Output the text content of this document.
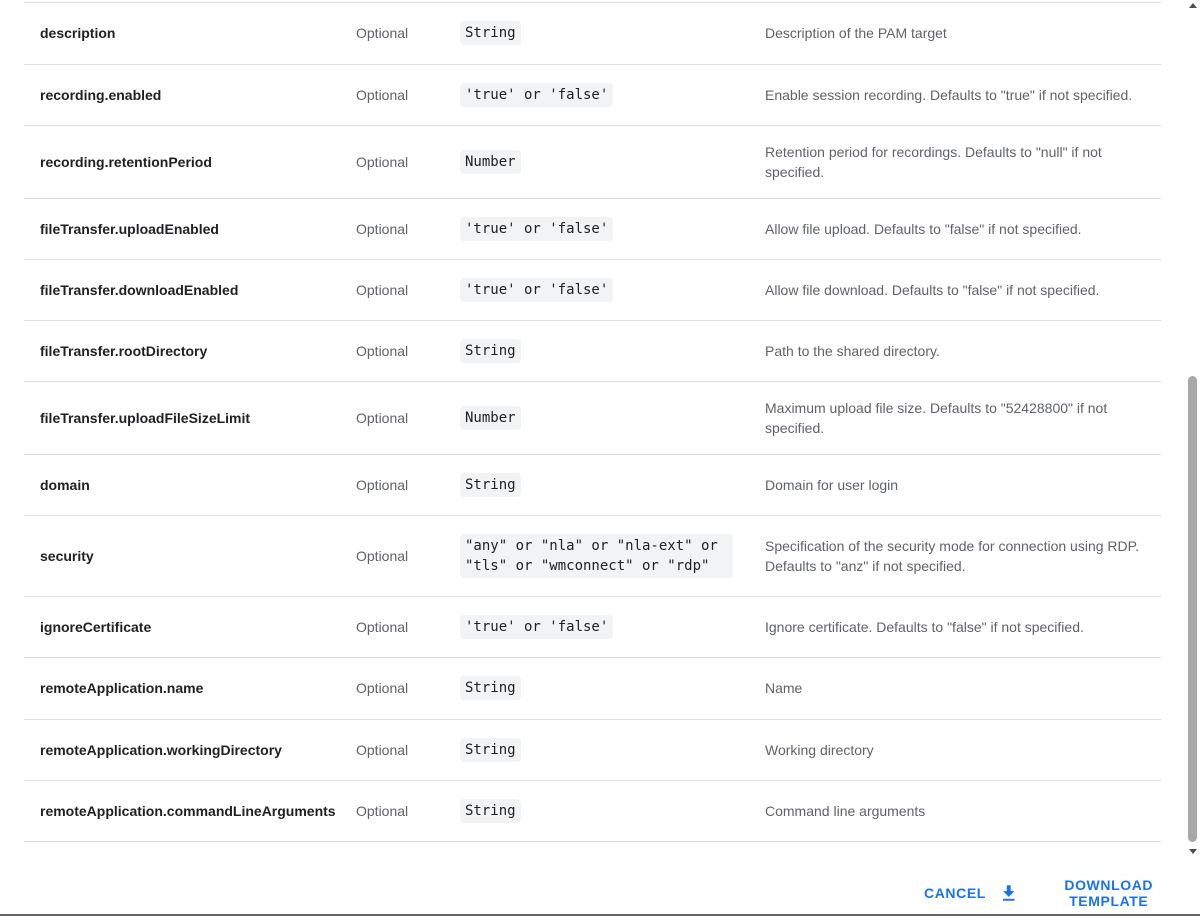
description	Optional	String	Description of the PAM target
recording.enabled	Optional	'true' or 'false'	Enable session recording. Defaults to "true" if not specified.
recording.retentionPeriod	Optional	Number	Retention period for recordings. Defaults to "null" if not specified.
fileTransfer.uploadEnabled	Optional	'true' or 'false'	Allow file upload. Defaults to "false" if not specified.
fileTransfer.downloadEnabled	Optional	'true' or 'false'	Allow file download. Defaults to "false" if not specified.
fileTransfer.rootDirectory	Optional	String	Path to the shared directory.
fileTransfer.uploadFileSizeLimit	Optional	Number	Maximum upload file size. Defaults to "52428800" if not specified.
domain	Optional	String	Domain for user login
security	Optional	"any" or "nla" or "nla-ext" or "tls" or "wmconnect" or "rdp"	Specification of the security mode for connection using RDP. Defaults to "anz" if not specified.
ignoreCertificate	Optional	'true' or 'false'	Ignore certificate. Defaults to "false" if not specified.
remoteApplication.name	Optional	String	Name
remoteApplication.workingDirectory	Optional	String	Working directory
remoteApplication.commandLineArguments	Optional	String	Command line arguments
CANCEL	DOWNLOAD TEMPLATE
